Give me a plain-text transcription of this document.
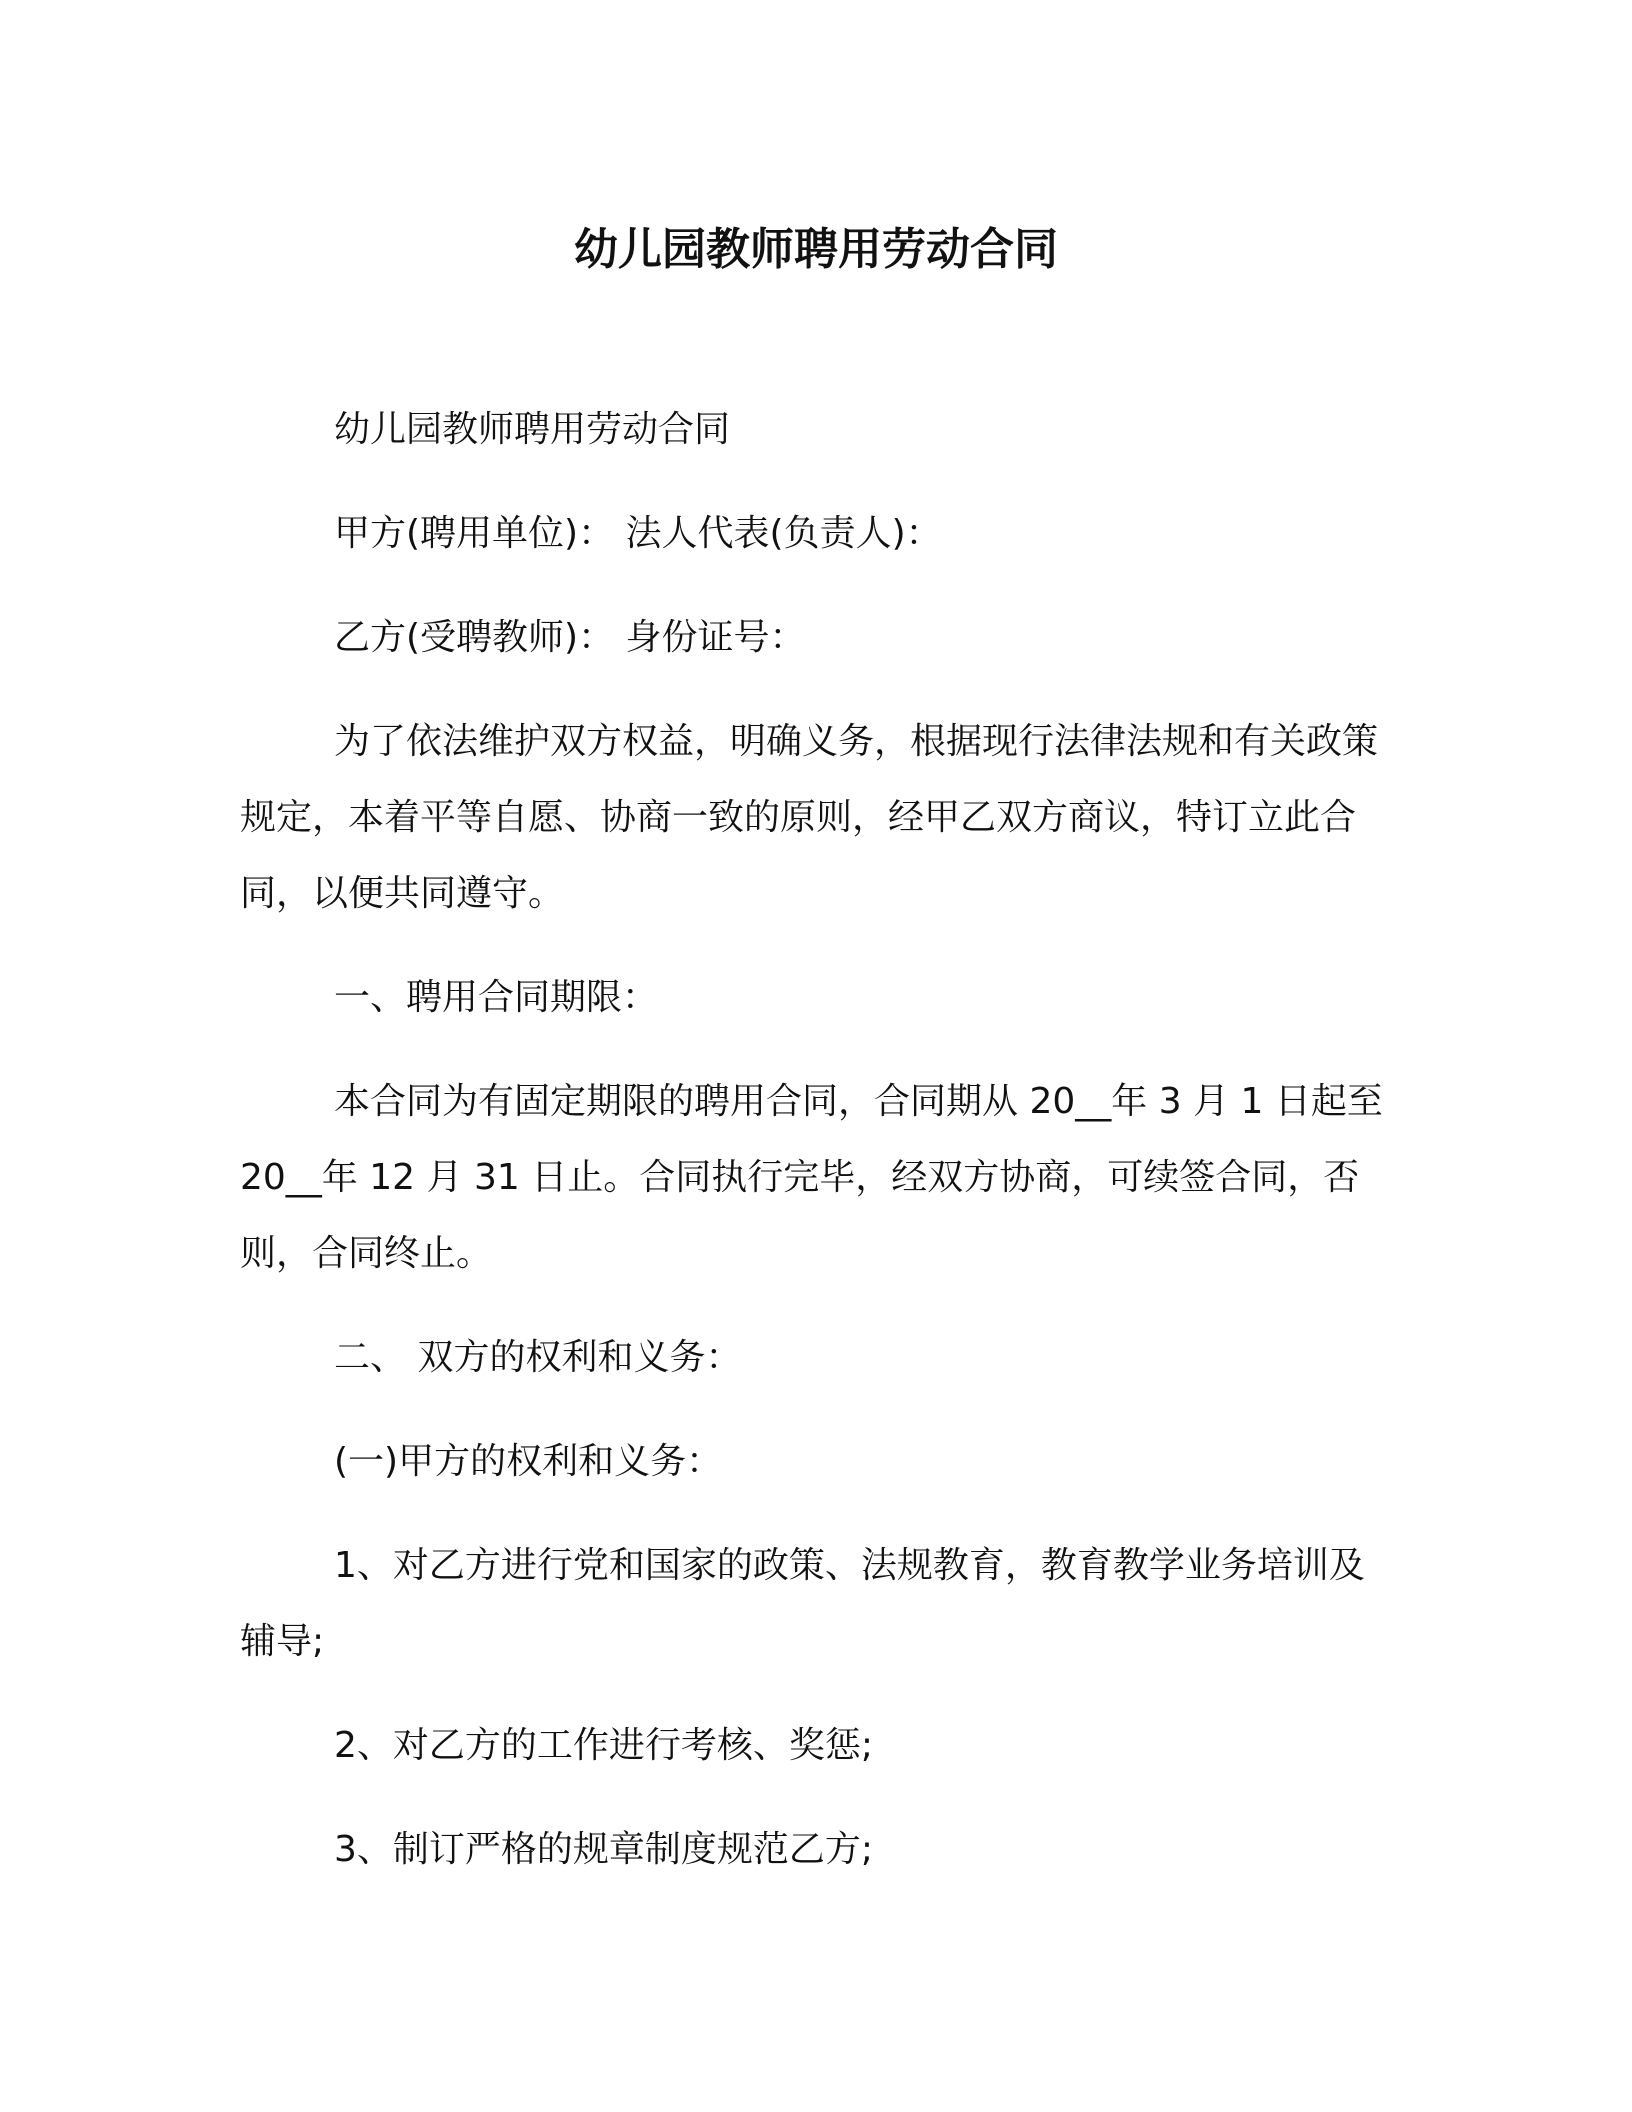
幼儿园教师聘用劳动合同

幼儿园教师聘用劳动合同

甲方(聘用单位)： 法人代表(负责人)：

乙方(受聘教师)： 身份证号：

为了依法维护双方权益，明确义务，根据现行法律法规和有关政策规定，本着平等自愿、协商一致的原则，经甲乙双方商议，特订立此合同，以便共同遵守。

一、聘用合同期限：

本合同为有固定期限的聘用合同，合同期从 20__年 3 月 1 日起至 20__年 12 月 31 日止。合同执行完毕，经双方协商，可续签合同，否则，合同终止。

二、 双方的权利和义务：

(一)甲方的权利和义务：

1、对乙方进行党和国家的政策、法规教育，教育教学业务培训及辅导;

2、对乙方的工作进行考核、奖惩;

3、制订严格的规章制度规范乙方;
